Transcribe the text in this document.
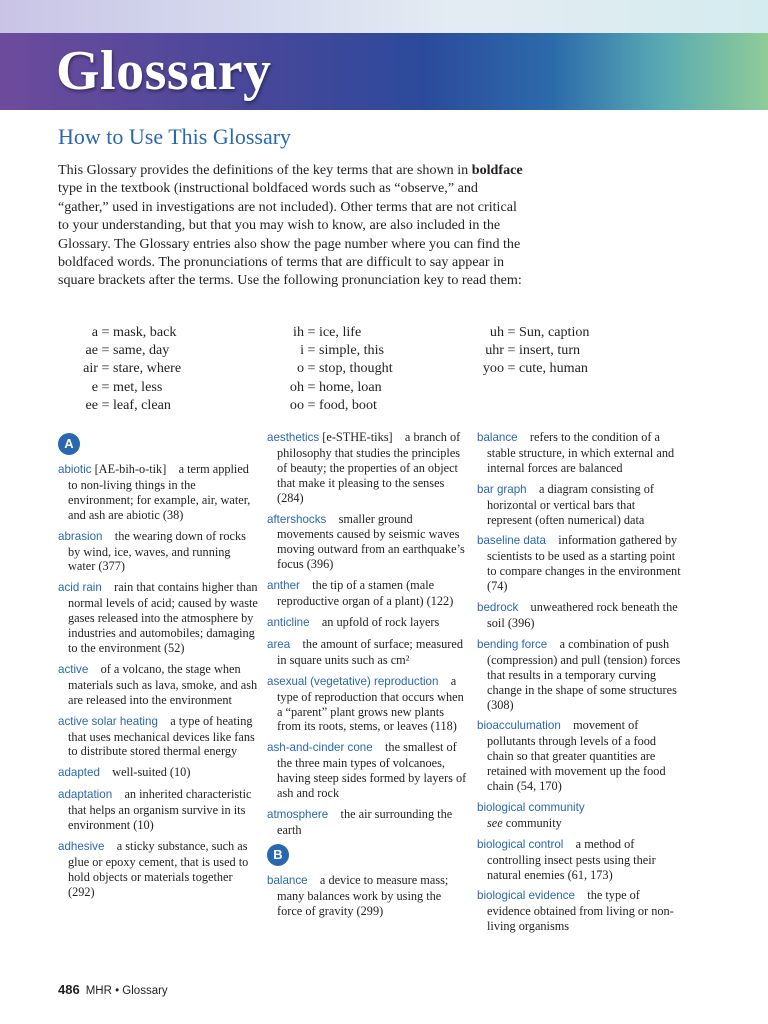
Glossary
How to Use This Glossary

This Glossary provides the definitions of the key terms that are shown in boldface type in the textbook (instructional boldfaced words such as “observe,” and “gather,” used in investigations are not included). Other terms that are not critical to your understanding, but that you may wish to know, are also included in the Glossary. The Glossary entries also show the page number where you can find the boldfaced words. The pronunciations of terms that are difficult to say appear in square brackets after the terms. Use the following pronunciation key to read them:

a = mask, back
ae = same, day
air = stare, where
e = met, less
ee = leaf, clean
ih = ice, life
i = simple, this
o = stop, thought
oh = home, loan
oo = food, boot
uh = Sun, caption
uhr = insert, turn
yoo = cute, human
A
abiotic [AE-bih-o-tik] a term applied to non-living things in the environment; for example, air, water, and ash are abiotic (38)
abrasion the wearing down of rocks by wind, ice, waves, and running water (377)
acid rain rain that contains higher than normal levels of acid; caused by waste gases released into the atmosphere by industries and automobiles; damaging to the environment (52)
active of a volcano, the stage when materials such as lava, smoke, and ash are released into the environment
active solar heating a type of heating that uses mechanical devices like fans to distribute stored thermal energy
adapted well-suited (10)
adaptation an inherited characteristic that helps an organism survive in its environment (10)
adhesive a sticky substance, such as glue or epoxy cement, that is used to hold objects or materials together (292)
aesthetics [e-STHE-tiks] a branch of philosophy that studies the principles of beauty; the properties of an object that make it pleasing to the senses (284)
aftershocks smaller ground movements caused by seismic waves moving outward from an earthquake’s focus (396)
anther the tip of a stamen (male reproductive organ of a plant) (122)
anticline an upfold of rock layers
area the amount of surface; measured in square units such as cm²
asexual (vegetative) reproduction a type of reproduction that occurs when a “parent” plant grows new plants from its roots, stems, or leaves (118)
ash-and-cinder cone the smallest of the three main types of volcanoes, having steep sides formed by layers of ash and rock
atmosphere the air surrounding the earth
B
balance a device to measure mass; many balances work by using the force of gravity (299)
balance refers to the condition of a stable structure, in which external and internal forces are balanced
bar graph a diagram consisting of horizontal or vertical bars that represent (often numerical) data
baseline data information gathered by scientists to be used as a starting point to compare changes in the environment (74)
bedrock unweathered rock beneath the soil (396)
bending force a combination of push (compression) and pull (tension) forces that results in a temporary curving change in the shape of some structures (308)
bioacculumation movement of pollutants through levels of a food chain so that greater quantities are retained with movement up the food chain (54, 170)
biological community
see community
biological control a method of controlling insect pests using their natural enemies (61, 173)
biological evidence the type of evidence obtained from living or non-living organisms
486 MHR • Glossary
